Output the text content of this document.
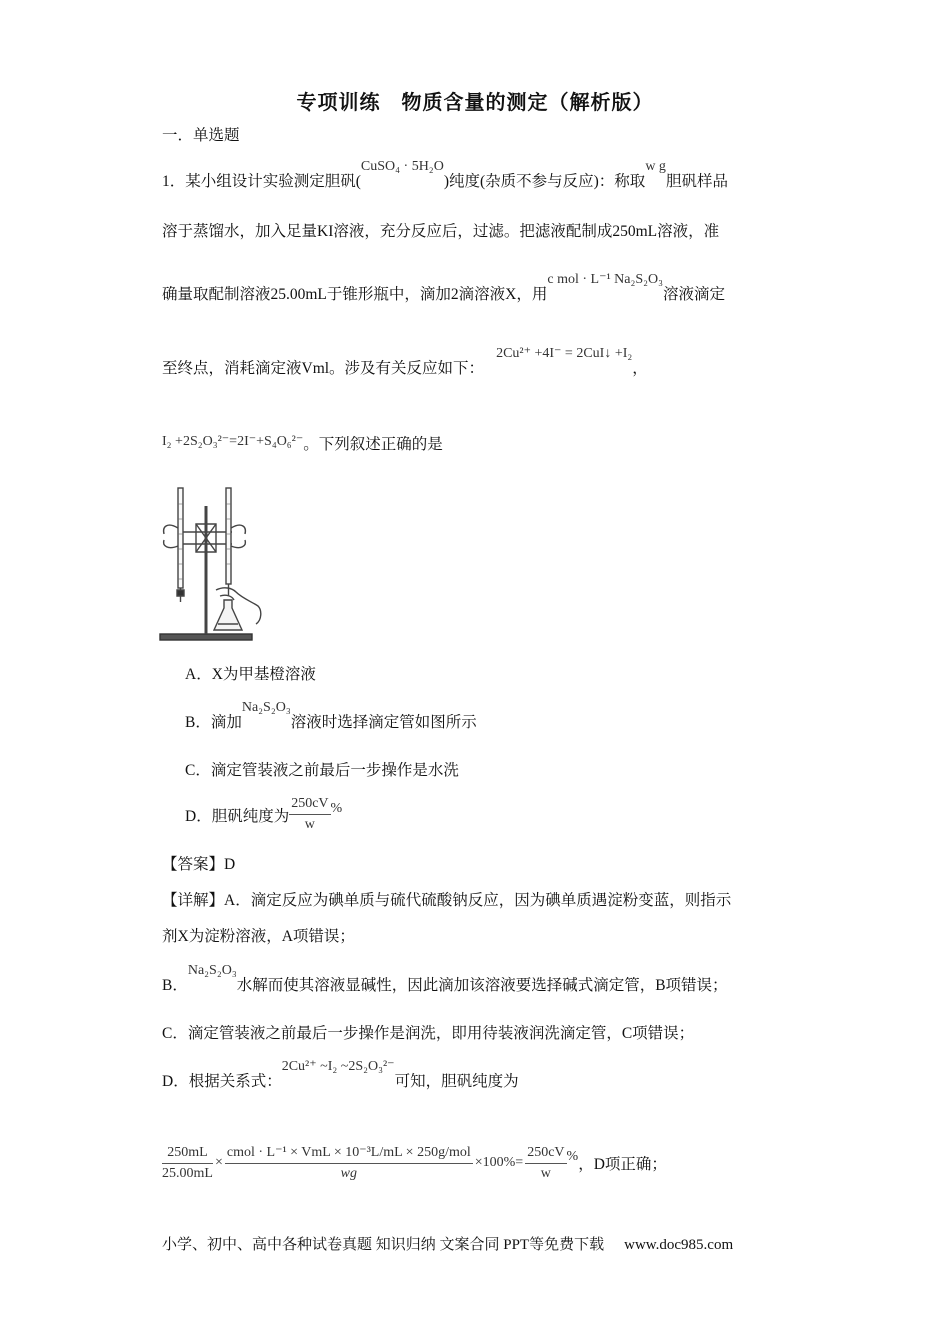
专项训练　物质含量的测定（解析版）
一．单选题
1．某小组设计实验测定胆矾(CuSO₄ · 5H₂O)纯度(杂质不参与反应)：称取w g胆矾样品
溶于蒸馏水，加入足量KI溶液，充分反应后，过滤。把滤液配制成250mL溶液，准
确量取配制溶液25.00mL于锥形瓶中，滴加2滴溶液X，用c mol · L⁻¹ Na₂S₂O₃溶液滴定
至终点，消耗滴定液Vml。涉及有关反应如下：2Cu²⁺ +4I⁻ = 2CuI↓ +I₂，
I₂ +2S₂O₃²⁻=2I⁻+S₄O₆²⁻。下列叙述正确的是
A．X为甲基橙溶液
B．滴加Na₂S₂O₃溶液时选择滴定管如图所示
C．滴定管装液之前最后一步操作是水洗
D．胆矾纯度为 $\frac{250cV}{w}$ %
【答案】D
【详解】A．滴定反应为碘单质与硫代硫酸钠反应，因为碘单质遇淀粉变蓝，则指示
剂X为淀粉溶液，A项错误；
B．Na₂S₂O₃水解而使其溶液显碱性，因此滴加该溶液要选择碱式滴定管，B项错误；
C．滴定管装液之前最后一步操作是润洗，即用待装液润洗滴定管，C项错误；
D．根据关系式：2Cu²⁺ ~I₂ ~2S₂O₃²⁻可知，胆矾纯度为
$\frac{250mL}{25.00mL} \times \frac{\text{cmol · L⁻¹ × VmL × 10⁻³L/mL × 250g/mol}}{wg} \times 100\%= \frac{250cV}{w}$ %，D项正确；
小学、初中、高中各种试卷真题 知识归纳 文案合同 PPT等免费下载 www.doc985.com
